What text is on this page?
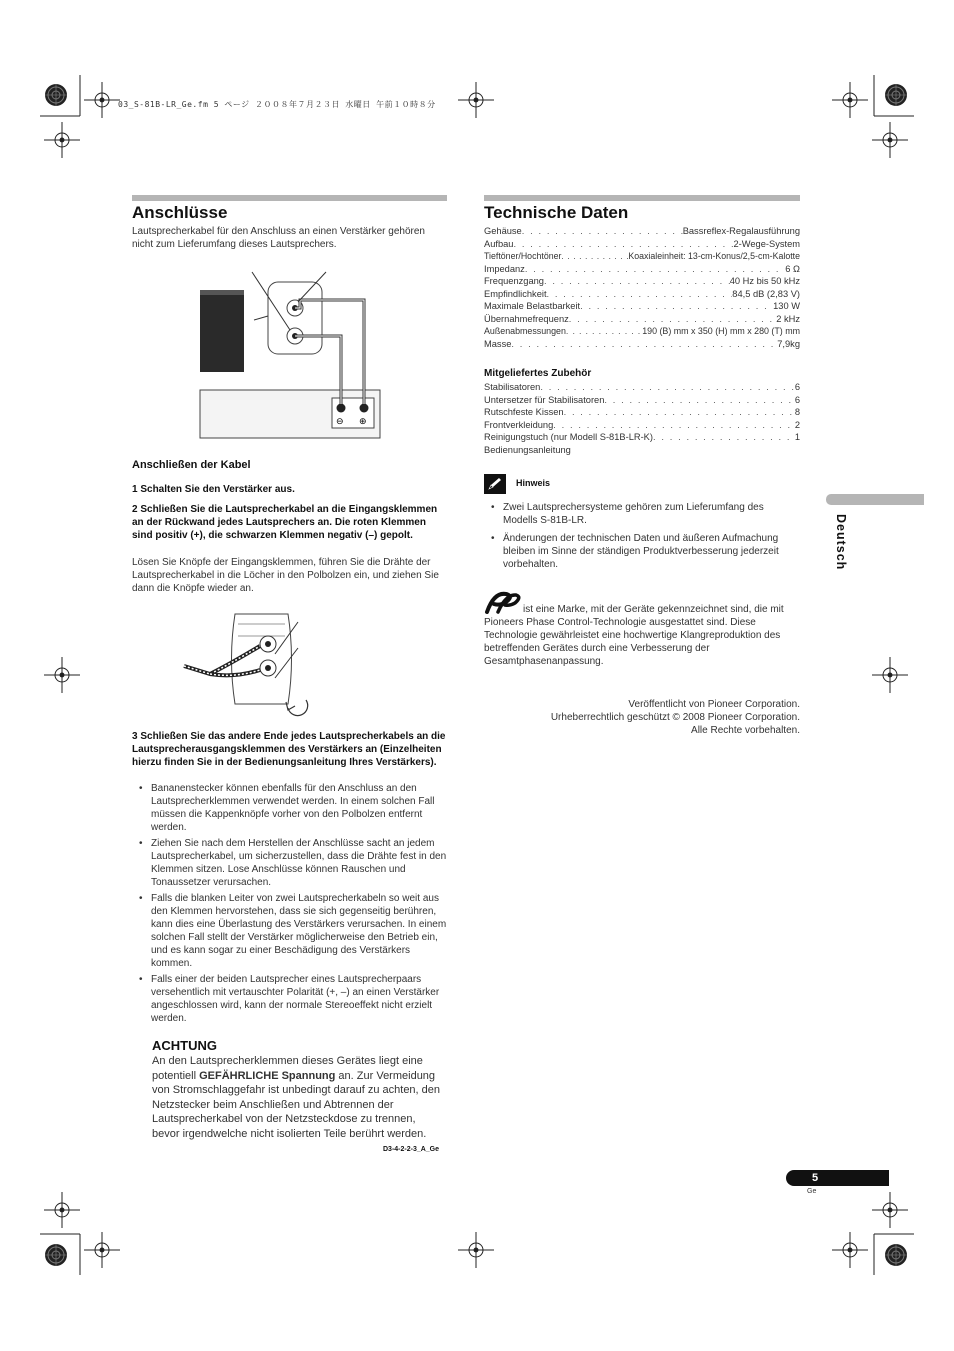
03_S-81B-LR_Ge.fm 5 ページ ２００８年７月２３日 水曜日 午前１０時８分
Anschlüsse
Lautsprecherkabel für den Anschluss an einen Verstärker gehören nicht zum Lieferumfang dieses Lautsprechers.
⊖ ⊕
Anschließen der Kabel
1 Schalten Sie den Verstärker aus.
2 Schließen Sie die Lautsprecherkabel an die Eingangsklemmen an der Rückwand jedes Lautsprechers an. Die roten Klemmen sind positiv (+), die schwarzen Klemmen negativ (–) gepolt.
Lösen Sie Knöpfe der Eingangsklemmen, führen Sie die Drähte der Lautsprecherkabel in die Löcher in den Polbolzen ein, und ziehen Sie dann die Knöpfe wieder an.
3 Schließen Sie das andere Ende jedes Lautsprecherkabels an die Lautsprecherausgangsklemmen des Verstärkers an (Einzelheiten hierzu finden Sie in der Bedienungsanleitung Ihres Verstärkers).
• Bananenstecker können ebenfalls für den Anschluss an den Lautsprecherklemmen verwendet werden. In einem solchen Fall müssen die Kappenknöpfe vorher von den Polbolzen entfernt werden.
• Ziehen Sie nach dem Herstellen der Anschlüsse sacht an jedem Lautsprecherkabel, um sicherzustellen, dass die Drähte fest in den Klemmen sitzen. Lose Anschlüsse können Rauschen und Tonaussetzer verursachen.
• Falls die blanken Leiter von zwei Lautsprecherkabeln so weit aus den Klemmen hervorstehen, dass sie sich gegenseitig berühren, kann dies eine Überlastung des Verstärkers verursachen. In einem solchen Fall stellt der Verstärker möglicherweise den Betrieb ein, und es kann sogar zu einer Beschädigung des Verstärkers kommen.
• Falls einer der beiden Lautsprecher eines Lautsprecherpaars versehentlich mit vertauschter Polarität (+, –) an einen Verstärker angeschlossen wird, kann der normale Stereoeffekt nicht erzielt werden.
ACHTUNG
An den Lautsprecherklemmen dieses Gerätes liegt eine potentiell GEFÄHRLICHE Spannung an. Zur Vermeidung von Stromschlaggefahr ist unbedingt darauf zu achten, den Netzstecker beim Anschließen und Abtrennen der Lautsprecherkabel von der Netzsteckdose zu trennen, bevor irgendwelche nicht isolierten Teile berührt werden.
D3-4-2-2-3_A_Ge
Technische Daten
Gehäuse . . .	Bassreflex-Regalausführung
Aufbau . . .	2-Wege-System
Tieftöner/Hochtöner . . .	Koaxialeinheit: 13-cm-Konus/2,5-cm-Kalotte
Impedanz . . .	6 Ω
Frequenzgang . . .	40 Hz bis 50 kHz
Empfindlichkeit . . .	84,5 dB (2,83 V)
Maximale Belastbarkeit . . .	130 W
Übernahmefrequenz . . .	2 kHz
Außenabmessungen . . .	190 (B) mm x 350 (H) mm x 280 (T) mm
Masse . . .	7,9kg
Mitgeliefertes Zubehör
Stabilisatoren . . .	6
Untersetzer für Stabilisatoren . . .	6
Rutschfeste Kissen . . .	8
Frontverkleidung . . .	2
Reinigungstuch (nur Modell S-81B-LR-K) . . .	1
Bedienungsanleitung
Hinweis
• Zwei Lautsprechersysteme gehören zum Lieferumfang des Modells S-81B-LR.
• Änderungen der technischen Daten und äußeren Aufmachung bleiben im Sinne der ständigen Produktverbesserung jederzeit vorbehalten.
ist eine Marke, mit der Geräte gekennzeichnet sind, die mit Pioneers Phase Control-Technologie ausgestattet sind. Diese Technologie gewährleistet eine hochwertige Klangreproduktion des betreffenden Gerätes durch eine Verbesserung der Gesamtphasenanpassung.
Veröffentlicht von Pioneer Corporation.
Urheberrechtlich geschützt © 2008 Pioneer Corporation.
Alle Rechte vorbehalten.
Deutsch
5
Ge
